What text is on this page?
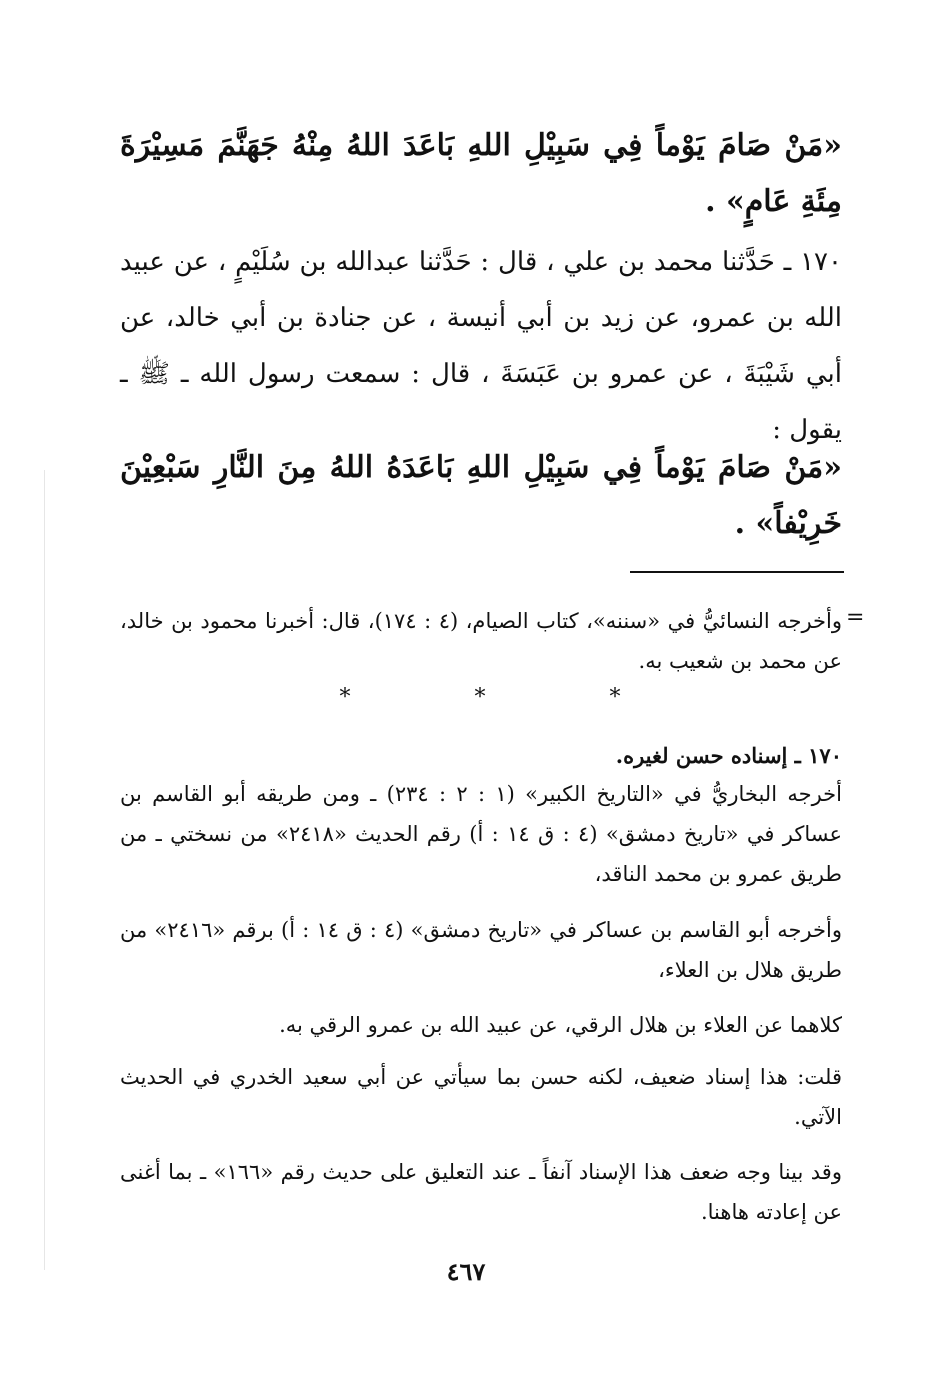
«مَنْ صَامَ يَوْماً فِي سَبِيْلِ اللهِ بَاعَدَ اللهُ مِنْهُ جَهَنَّمَ مَسِيْرَةَ مِئَةِ عَامٍ» .

١٧٠ ـ حَدَّثنا محمد بن علي ، قال : حَدَّثنا عبدالله بن سُلَيْمٍ ، عن عبيد الله بن عمرو، عن زيد بن أبي أنيسة ، عن جنادة بن أبي خالد، عن أبي شَيْبَةَ ، عن عمرو بن عَبَسَةَ ، قال : سمعت رسول الله ـ ﷺ ـ يقول :

«مَنْ صَامَ يَوْماً فِي سَبِيْلِ اللهِ بَاعَدَهُ اللهُ مِنَ النَّارِ سَبْعِيْنَ خَرِيْفاً» .

=

وأخرجه النسائيُّ في «سننه»، كتاب الصيام، (٤ : ١٧٤)، قال: أخبرنا محمود بن خالد، عن محمد بن شعيب به.

*	*	*

١٧٠ ـ إسناده حسن لغيره.

أخرجه البخاريُّ في «التاريخ الكبير» (١ : ٢ : ٢٣٤) ـ ومن طريقه أبو القاسم بن عساكر في «تاريخ دمشق» (٤ : ق ١٤ : أ) رقم الحديث «٢٤١٨» من نسختي ـ من طريق عمرو بن محمد الناقد،

وأخرجه أبو القاسم بن عساكر في «تاريخ دمشق» (٤ : ق ١٤ : أ) برقم «٢٤١٦» من طريق هلال بن العلاء،

كلاهما عن العلاء بن هلال الرقي، عن عبيد الله بن عمرو الرقي به.

قلت: هذا إسناد ضعيف، لكنه حسن بما سيأتي عن أبي سعيد الخدري في الحديث الآتي.

وقد بينا وجه ضعف هذا الإسناد آنفاً ـ عند التعليق على حديث رقم «١٦٦» ـ بما أغنى عن إعادته هاهنا.

٤٦٧
